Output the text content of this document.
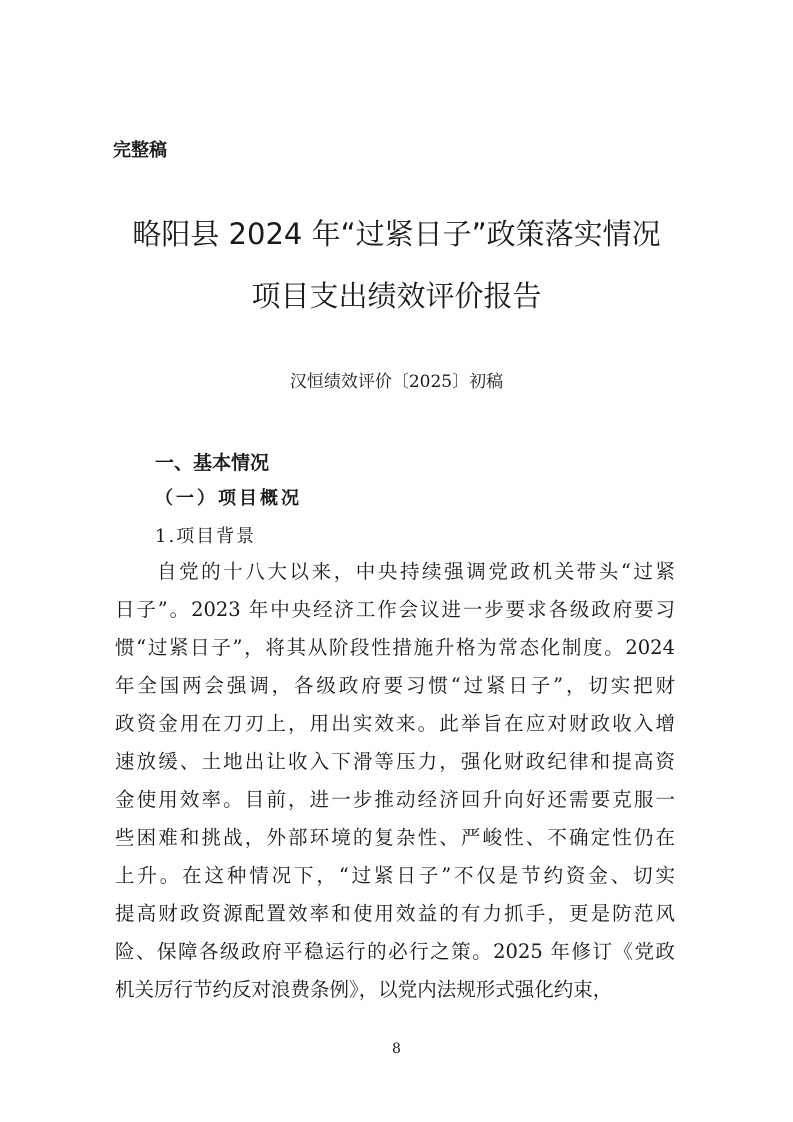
完整稿
略阳县 2024 年“过紧日子”政策落实情况
项目支出绩效评价报告
汉恒绩效评价〔2025〕初稿
一、基本情况
（一）项目概况
1.项目背景
自党的十八大以来，中央持续强调党政机关带头“过紧
日子”。2023 年中央经济工作会议进一步要求各级政府要习
惯“过紧日子”，将其从阶段性措施升格为常态化制度。2024
年全国两会强调，各级政府要习惯“过紧日子”，切实把财
政资金用在刀刃上，用出实效来。此举旨在应对财政收入增
速放缓、土地出让收入下滑等压力，强化财政纪律和提高资
金使用效率。目前，进一步推动经济回升向好还需要克服一
些困难和挑战，外部环境的复杂性、严峻性、不确定性仍在
上升。在这种情况下，“过紧日子”不仅是节约资金、切实
提高财政资源配置效率和使用效益的有力抓手，更是防范风
险、保障各级政府平稳运行的必行之策。2025 年修订《党政
机关厉行节约反对浪费条例》，以党内法规形式强化约束，
8
